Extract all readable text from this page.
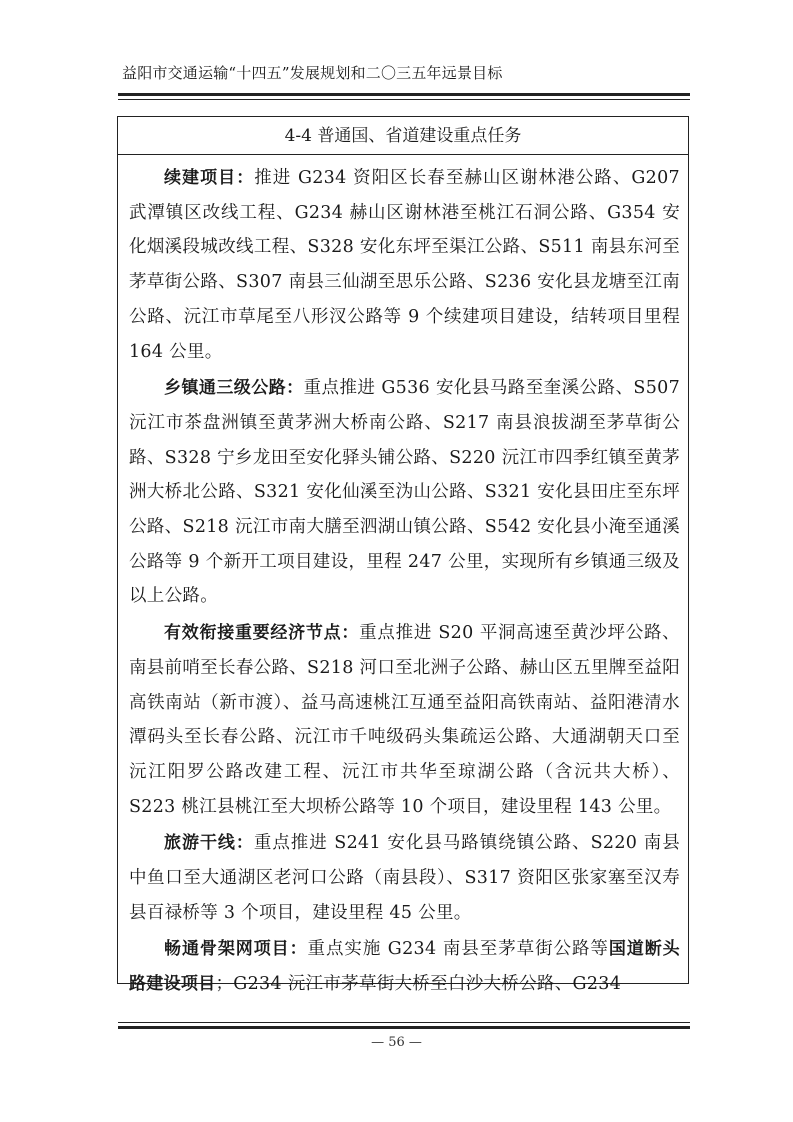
益阳市交通运输“十四五”发展规划和二〇三五年远景目标
4-4 普通国、省道建设重点任务

续建项目：推进 G234 资阳区长春至赫山区谢林港公路、G207 武潭镇区改线工程、G234 赫山区谢林港至桃江石洞公路、G354 安化烟溪段城改线工程、S328 安化东坪至渠江公路、S511 南县东河至茅草街公路、S307 南县三仙湖至思乐公路、S236 安化县龙塘至江南公路、沅江市草尾至八形汊公路等 9 个续建项目建设，结转项目里程 164 公里。

乡镇通三级公路：重点推进 G536 安化县马路至奎溪公路、S507 沅江市茶盘洲镇至黄茅洲大桥南公路、S217 南县浪拔湖至茅草街公路、S328 宁乡龙田至安化驿头铺公路、S220 沅江市四季红镇至黄茅洲大桥北公路、S321 安化仙溪至沩山公路、S321 安化县田庄至东坪公路、S218 沅江市南大膳至泗湖山镇公路、S542 安化县小淹至通溪公路等 9 个新开工项目建设，里程 247 公里，实现所有乡镇通三级及以上公路。

有效衔接重要经济节点：重点推进 S20 平洞高速至黄沙坪公路、南县前哨至长春公路、S218 河口至北洲子公路、赫山区五里牌至益阳高铁南站（新市渡）、益马高速桃江互通至益阳高铁南站、益阳港清水潭码头至长春公路、沅江市千吨级码头集疏运公路、大通湖朝天口至沅江阳罗公路改建工程、沅江市共华至琼湖公路（含沅共大桥）、S223 桃江县桃江至大坝桥公路等 10 个项目，建设里程 143 公里。

旅游干线：重点推进 S241 安化县马路镇绕镇公路、S220 南县中鱼口至大通湖区老河口公路（南县段）、S317 资阳区张家塞至汉寿县百禄桥等 3 个项目，建设里程 45 公里。

畅通骨架网项目：重点实施 G234 南县至茅草街公路等国道断头路建设项目；G234 沅江市茅草街大桥至白沙大桥公路、G234

— 56 —
